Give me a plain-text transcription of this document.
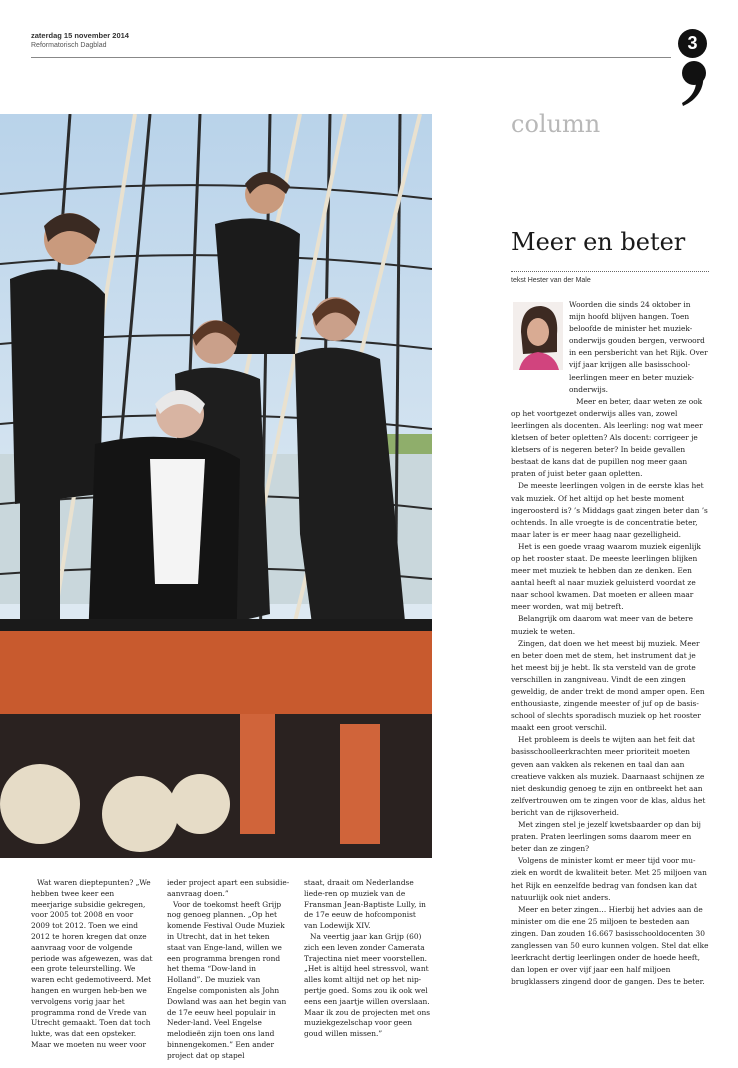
zaterdag 15 november 2014
Reformatorisch Dagblad	3
column
Meer en beter
tekst Hester van der Male

Woorden die sinds 24 oktober in mijn hoofd blijven hangen. Toen beloofde de minister het muziek-onderwijs gouden bergen, verwoord in een persbericht van het Rijk. Over vijf jaar krijgen alle basisschool-leerlingen meer en beter muziek-onderwijs.

Meer en beter, daar weten ze ook op het voortgezet onderwijs alles van, zowel leerlingen als docenten. Als leerling: nog wat meer kletsen of beter opletten? Als docent: corrigeer je kletsers of is negeren beter? In beide gevallen bestaat de kans dat de pupillen nog meer gaan praten of juist beter gaan opletten.

De meeste leerlingen volgen in de eerste klas het vak muziek. Of het altijd op het beste moment ingeroosterd is? ’s Middags gaat zingen beter dan ’s ochtends. In alle vroegte is de concentratie beter, maar later is er meer haag naar gezelligheid.

Het is een goede vraag waarom muziek eigenlijk op het rooster staat. De meeste leerlingen blijken meer met muziek te hebben dan ze denken. Een aantal heeft al naar muziek geluisterd voordat ze naar school kwamen. Dat moeten er alleen maar meer worden, wat mij betreft.

Belangrijk om daarom wat meer van de betere muziek te weten.

Zingen, dat doen we het meest bij muziek. Meer en beter doen met de stem, het instrument dat je het meest bij je hebt. Ik sta versteld van de grote verschillen in zangniveau. Vindt de een zingen geweldig, de ander trekt de mond amper open. Een enthousiaste, zingende meester of juf op de basis-school of slechts sporadisch muziek op het rooster maakt een groot verschil.

Het probleem is deels te wijten aan het feit dat basisschoolleerkrachten meer prioriteit moeten geven aan vakken als rekenen en taal dan aan creatieve vakken als muziek. Daarnaast schijnen ze niet deskundig genoeg te zijn en ontbreekt het aan zelfvertrouwen om te zingen voor de klas, aldus het bericht van de rijksoverheid.

Met zingen stel je jezelf kwetsbaarder op dan bij praten. Praten leerlingen soms daarom meer en beter dan ze zingen?

Volgens de minister komt er meer tijd voor mu-ziek en wordt de kwaliteit beter. Met 25 miljoen van het Rijk en eenzelfde bedrag van fondsen kan dat natuurlijk ook niet anders.

Meer en beter zingen… Hierbij het advies aan de minister om die ene 25 miljoen te besteden aan zingen. Dan zouden 16.667 basisschooldocenten 30 zanglessen van 50 euro kunnen volgen. Stel dat elke leerkracht dertig leerlingen onder de hoede heeft, dan lopen er over vijf jaar een half miljoen brugklassers zingend door de gangen. Des te beter.

Wat waren dieptepunten? „We hebben twee keer een meerjarige subsidie gekregen, voor 2005 tot 2008 en voor 2009 tot 2012. Toen we eind 2012 te horen kregen dat onze aanvraag voor de volgende periode was afgewezen, was dat een grote teleurstelling. We waren echt gedemotiveerd. Met hangen en wurgen heb-ben we vervolgens vorig jaar het programma rond de Vrede van Utrecht gemaakt. Toen dat toch lukte, was dat een opsteker. Maar we moeten nu weer voor

ieder project apart een subsidie-aanvraag doen.”

Voor de toekomst heeft Grijp nog genoeg plannen. „Op het komende Festival Oude Muziek in Utrecht, dat in het teken staat van Enge-land, willen we een programma brengen rond het thema “Dow-land in Holland”. De muziek van Engelse componisten als John Dowland was aan het begin van de 17e eeuw heel populair in Neder-land. Veel Engelse melodieën zijn toen ons land binnengekomen.” Een ander project dat op stapel

staat, draait om Nederlandse liede-ren op muziek van de Fransman Jean-Baptiste Lully, in de 17e eeuw de hofcomponist van Lodewijk XIV.

Na veertig jaar kan Grijp (60) zich een leven zonder Camerata Trajectina niet meer voorstellen. „Het is altijd heel stressvol, want alles komt altijd net op het nip-pertje goed. Soms zou ik ook wel eens een jaartje willen overslaan. Maar ik zou de projecten met ons muziekgezelschap voor geen goud willen missen.”
